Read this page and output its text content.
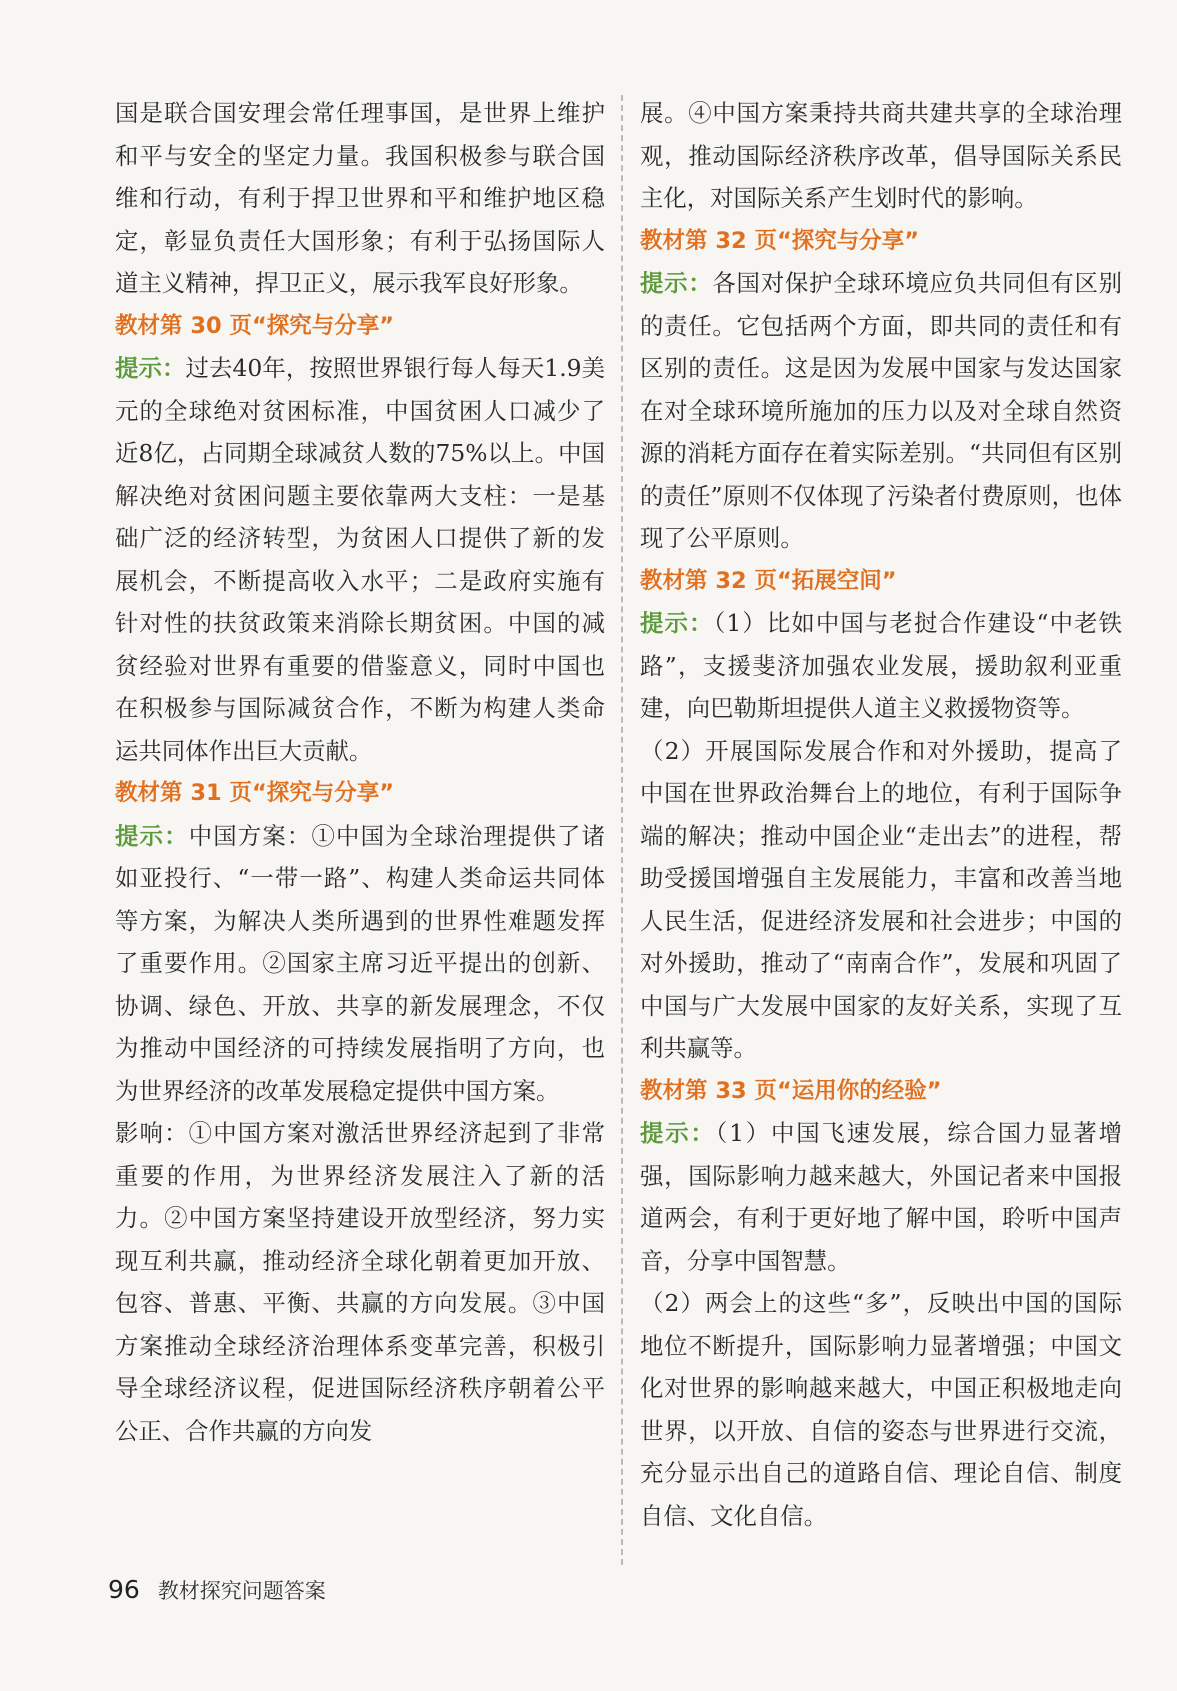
国是联合国安理会常任理事国，是世界上维护和平与安全的坚定力量。我国积极参与联合国维和行动，有利于捍卫世界和平和维护地区稳定，彰显负责任大国形象；有利于弘扬国际人道主义精神，捍卫正义，展示我军良好形象。

教材第 30 页“探究与分享”

提示：过去40年，按照世界银行每人每天1.9美元的全球绝对贫困标准，中国贫困人口减少了近8亿，占同期全球减贫人数的75%以上。中国解决绝对贫困问题主要依靠两大支柱：一是基础广泛的经济转型，为贫困人口提供了新的发展机会，不断提高收入水平；二是政府实施有针对性的扶贫政策来消除长期贫困。中国的减贫经验对世界有重要的借鉴意义，同时中国也在积极参与国际减贫合作，不断为构建人类命运共同体作出巨大贡献。

教材第 31 页“探究与分享”

提示：中国方案：①中国为全球治理提供了诸如亚投行、“一带一路”、构建人类命运共同体等方案，为解决人类所遇到的世界性难题发挥了重要作用。②国家主席习近平提出的创新、协调、绿色、开放、共享的新发展理念，不仅为推动中国经济的可持续发展指明了方向，也为世界经济的改革发展稳定提供中国方案。

影响：①中国方案对激活世界经济起到了非常重要的作用，为世界经济发展注入了新的活力。②中国方案坚持建设开放型经济，努力实现互利共赢，推动经济全球化朝着更加开放、包容、普惠、平衡、共赢的方向发展。③中国方案推动全球经济治理体系变革完善，积极引导全球经济议程，促进国际经济秩序朝着公平公正、合作共赢的方向发

展。④中国方案秉持共商共建共享的全球治理观，推动国际经济秩序改革，倡导国际关系民主化，对国际关系产生划时代的影响。

教材第 32 页“探究与分享”

提示：各国对保护全球环境应负共同但有区别的责任。它包括两个方面，即共同的责任和有区别的责任。这是因为发展中国家与发达国家在对全球环境所施加的压力以及对全球自然资源的消耗方面存在着实际差别。“共同但有区别的责任”原则不仅体现了污染者付费原则，也体现了公平原则。

教材第 32 页“拓展空间”

提示：（1）比如中国与老挝合作建设“中老铁路”，支援斐济加强农业发展，援助叙利亚重建，向巴勒斯坦提供人道主义救援物资等。

（2）开展国际发展合作和对外援助，提高了中国在世界政治舞台上的地位，有利于国际争端的解决；推动中国企业“走出去”的进程，帮助受援国增强自主发展能力，丰富和改善当地人民生活，促进经济发展和社会进步；中国的对外援助，推动了“南南合作”，发展和巩固了中国与广大发展中国家的友好关系，实现了互利共赢等。

教材第 33 页“运用你的经验”

提示：（1）中国飞速发展，综合国力显著增强，国际影响力越来越大，外国记者来中国报道两会，有利于更好地了解中国，聆听中国声音，分享中国智慧。

（2）两会上的这些“多”，反映出中国的国际地位不断提升，国际影响力显著增强；中国文化对世界的影响越来越大，中国正积极地走向世界，以开放、自信的姿态与世界进行交流，充分显示出自己的道路自信、理论自信、制度自信、文化自信。

96 教材探究问题答案
